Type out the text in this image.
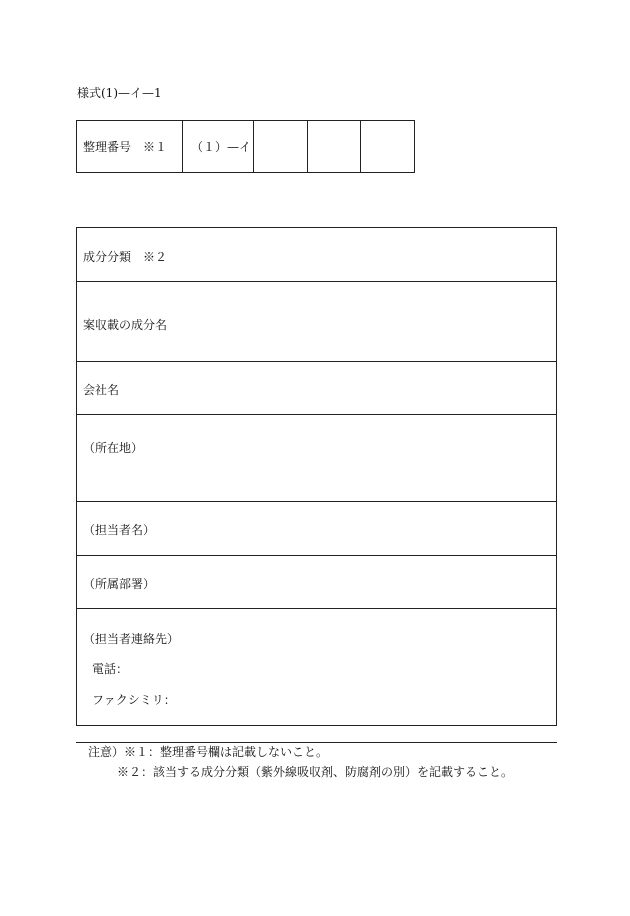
様式(1)—イ—1
整理番号　※１	（１）—イ
成分分類　※２
案収載の成分名
会社名
（所在地）
（担当者名）
（所属部署）
（担当者連絡先）
電話：
ファクシミリ：
注意）※１：整理番号欄は記載しないこと。
※２：該当する成分分類（紫外線吸収剤、防腐剤の別）を記載すること。
